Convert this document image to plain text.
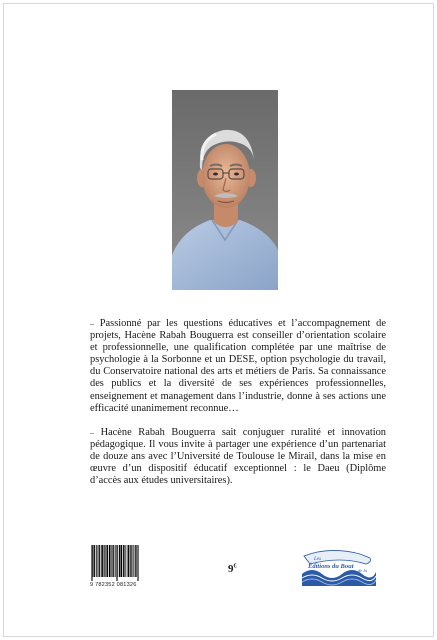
– Passionné par les questions éducatives et l’accompagnement de projets, Hacène Rabah Bouguerra est conseiller d’orientation scolaire et professionnelle, une qualification complétée par une maîtrise de psychologie à la Sorbonne et un DESE, option psychologie du travail, du Conservatoire national des arts et métiers de Paris. Sa connaissance des publics et la diversité de ses expériences professionnelles, enseignement et management dans l’industrie, donne à ses actions une efficacité unanimement reconnue…

– Hacène Rabah Bouguerra sait conjuguer ruralité et innovation pédagogique. Il vous invite à partager une expérience d’un partenariat de douze ans avec l’Université de Toulouse le Mirail, dans la mise en œuvre d’un dispositif éducatif exceptionnel : le Daeu (Diplôme d’accès aux études universitaires).

9 782352 081326
9€
Les
Éditions du Bout
de la
